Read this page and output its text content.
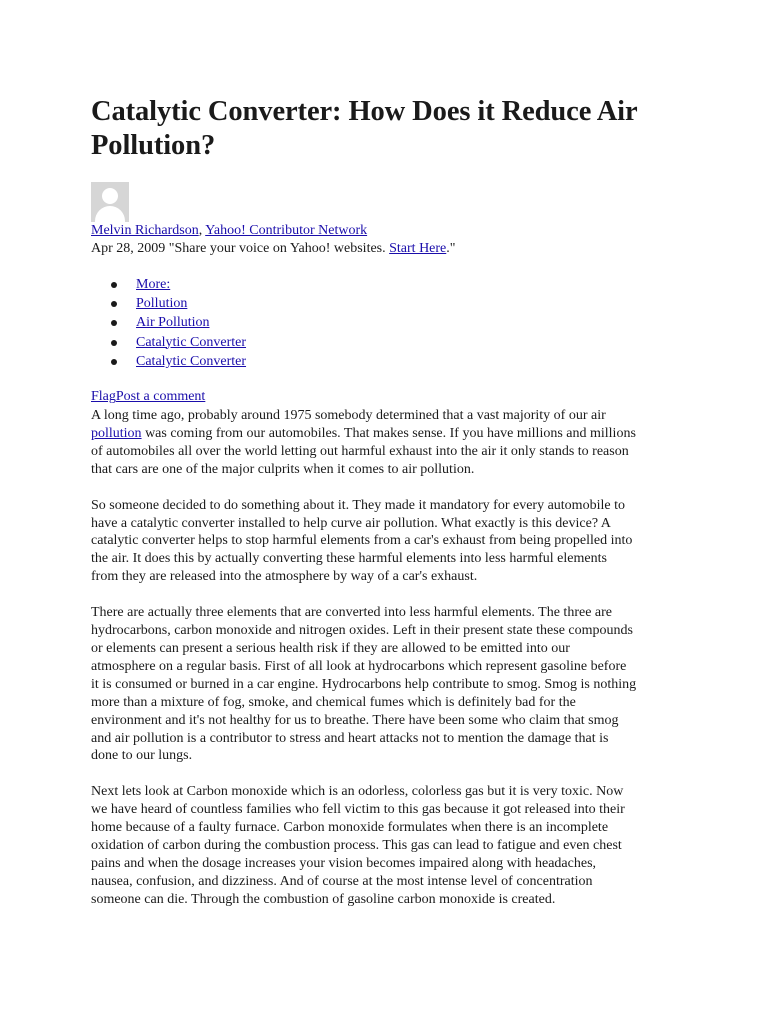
Catalytic Converter: How Does it Reduce Air Pollution?
Melvin Richardson, Yahoo! Contributor Network
Apr 28, 2009 "Share your voice on Yahoo! websites. Start Here."
More:
Pollution
Air Pollution
Catalytic Converter
Catalytic Converter
FlagPost a comment

A long time ago, probably around 1975 somebody determined that a vast majority of our air
pollution was coming from our automobiles. That makes sense. If you have millions and millions
of automobiles all over the world letting out harmful exhaust into the air it only stands to reason
that cars are one of the major culprits when it comes to air pollution.

So someone decided to do something about it. They made it mandatory for every automobile to
have a catalytic converter installed to help curve air pollution. What exactly is this device? A
catalytic converter helps to stop harmful elements from a car's exhaust from being propelled into
the air. It does this by actually converting these harmful elements into less harmful elements
from they are released into the atmosphere by way of a car's exhaust.

There are actually three elements that are converted into less harmful elements. The three are
hydrocarbons, carbon monoxide and nitrogen oxides. Left in their present state these compounds
or elements can present a serious health risk if they are allowed to be emitted into our
atmosphere on a regular basis. First of all look at hydrocarbons which represent gasoline before
it is consumed or burned in a car engine. Hydrocarbons help contribute to smog. Smog is nothing
more than a mixture of fog, smoke, and chemical fumes which is definitely bad for the
environment and it's not healthy for us to breathe. There have been some who claim that smog
and air pollution is a contributor to stress and heart attacks not to mention the damage that is
done to our lungs.

Next lets look at Carbon monoxide which is an odorless, colorless gas but it is very toxic. Now
we have heard of countless families who fell victim to this gas because it got released into their
home because of a faulty furnace. Carbon monoxide formulates when there is an incomplete
oxidation of carbon during the combustion process. This gas can lead to fatigue and even chest
pains and when the dosage increases your vision becomes impaired along with headaches,
nausea, confusion, and dizziness. And of course at the most intense level of concentration
someone can die. Through the combustion of gasoline carbon monoxide is created.
